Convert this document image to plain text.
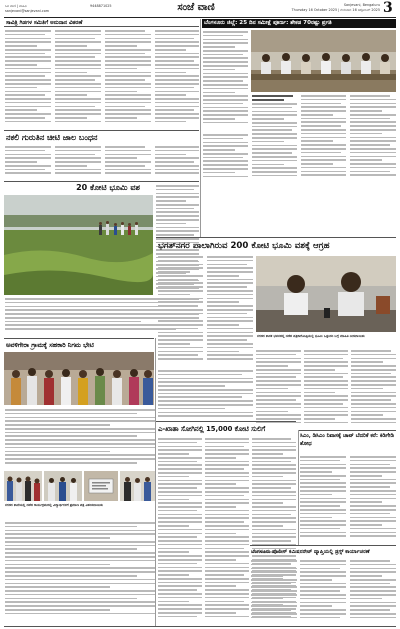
ಸಿಟಿ ವಾಣಿ | ವಾಹಿನಿ	9448871025
sanjevani@sanjevani.com	ಸಂಜೆ ವಾಣಿ	Sanjevani, Bengaluru
Thursday 16 October 2025 | ಗುರುವಾರ 16 ಅಕ್ಟೋಬರ್ 2025 3
ಸಾವಿತ್ರಿ ಗಿಡಗಳ ಸಮಿತಿಗೆ ಅನುದಾನ ವಿತರಣೆ
ನಕಲಿ ಗುರುತಿನ ಚೀಟಿ ಜಾಲ ಬಂಧನ
20 ಕೋಟಿ ಭೂಮಿ ವಶ
ಅವಳಿಗೇರಾ ಗ್ರಾಮಕ್ಕೆ ಸಹಕಾರಿ ನಿಗಮ ಭೇಟಿ
ನಗರದ ಶಾಲೆಯಲ್ಲಿ ನಡೆದ ಕಾರ್ಯಕ್ರಮದಲ್ಲಿ ವಿದ್ಯಾರ್ಥಿಗಳಿಗೆ ಪ್ರಮಾಣ ಪತ್ರ ವಿತರಿಸಲಾಯಿತು
ಬೆಂಗಳೂರು ಜಿಲ್ಲೆ: 25 ದಿನ ಸಮೀಕ್ಷೆ ಪೂರ್ಣ: ಶೇಕಡ 70ರಷ್ಟು ಪ್ರಗತಿ
ಭಗತ್‌ನಗರ ಪಾಲಾಗಿರುವ 200 ಕೋಟಿ ಭೂಮಿ ವಶಕ್ಕೆ ಆಗ್ರಹ
ನಗರದ ಶಾಸಕ ಭವನದಲ್ಲಿ ನಡೆದ ಪತ್ರಿಕಾಗೋಷ್ಠಿಯಲ್ಲಿ ಭೂಮಿ ಒತ್ತುವರಿ ಬಗ್ಗೆ ಮಾಹಿತಿ ನೀಡಲಾಯಿತು
ಎ-ಖಾತಾ ಸೋಗಿನಲ್ಲಿ 15,000 ಕೋಟಿ ಸುಲಿಗೆ
ಸಿಎಂ, ಡಿಸಿಎಂ ನಿವಾಸಕ್ಕೆ ಚಾಟ್ ಬೆದರಿಕೆ ಕರೆ: ಕಿಡಿಗೇಡಿ ಶೋಧ
ಬೆಂಗಳೂರು ಪೊಲೀಸ್ ಕಮಿಷನರೇಟ್ ವ್ಯಾಪ್ತಿಯಲ್ಲಿ ಡ್ರಗ್ಸ್ ಕಾರ್ಯಾಚರಣೆ
